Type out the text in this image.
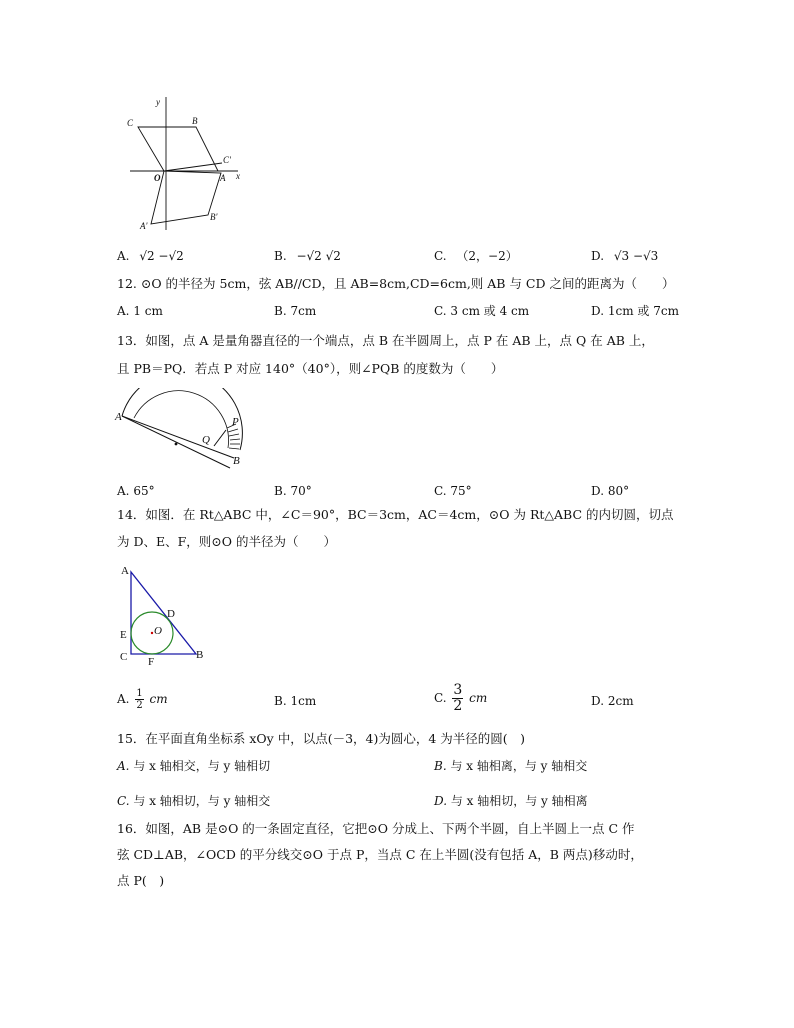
y
x
O	A
B
C
C'
A'
B'
A. √2 −√2	B. −√2 √2	C. （2，−2）	D. √3 −√3
12. ⊙O 的半径为 5cm，弦 AB//CD，且 AB=8cm,CD=6cm,则 AB 与 CD 之间的距离为（　　）
A. 1 cm	B. 7cm	C. 3 cm 或 4 cm	D. 1cm 或 7cm
13．如图，点 A 是量角器直径的一个端点，点 B 在半圆周上，点 P 在 AB 上，点 Q 在 AB 上，
且 PB＝PQ．若点 P 对应 140°（40°），则∠PQB 的度数为（　　）
A	P
Q
B
A. 65°	B. 70°	C. 75°	D. 80°
14．如图．在 Rt△ABC 中，∠C＝90°，BC＝3cm，AC＝4cm，⊙O 为 Rt△ABC 的内切圆，切点
为 D、E、F，则⊙O 的半径为（　　）
A
D
E O
C F
B
A. $\frac{1}{2}$ cm	B. 1cm	C. $\frac{3}{2}$ cm	D. 2cm
15．在平面直角坐标系 xOy 中，以点(－3，4)为圆心，4 为半径的圆(　)
A. 与 x 轴相交，与 y 轴相切	B. 与 x 轴相离，与 y 轴相交
C. 与 x 轴相切，与 y 轴相交	D. 与 x 轴相切，与 y 轴相离
16．如图，AB 是⊙O 的一条固定直径，它把⊙O 分成上、下两个半圆，自上半圆上一点 C 作
弦 CD⊥AB，∠OCD 的平分线交⊙O 于点 P，当点 C 在上半圆(没有包括 A，B 两点)移动时，
点 P(　)
